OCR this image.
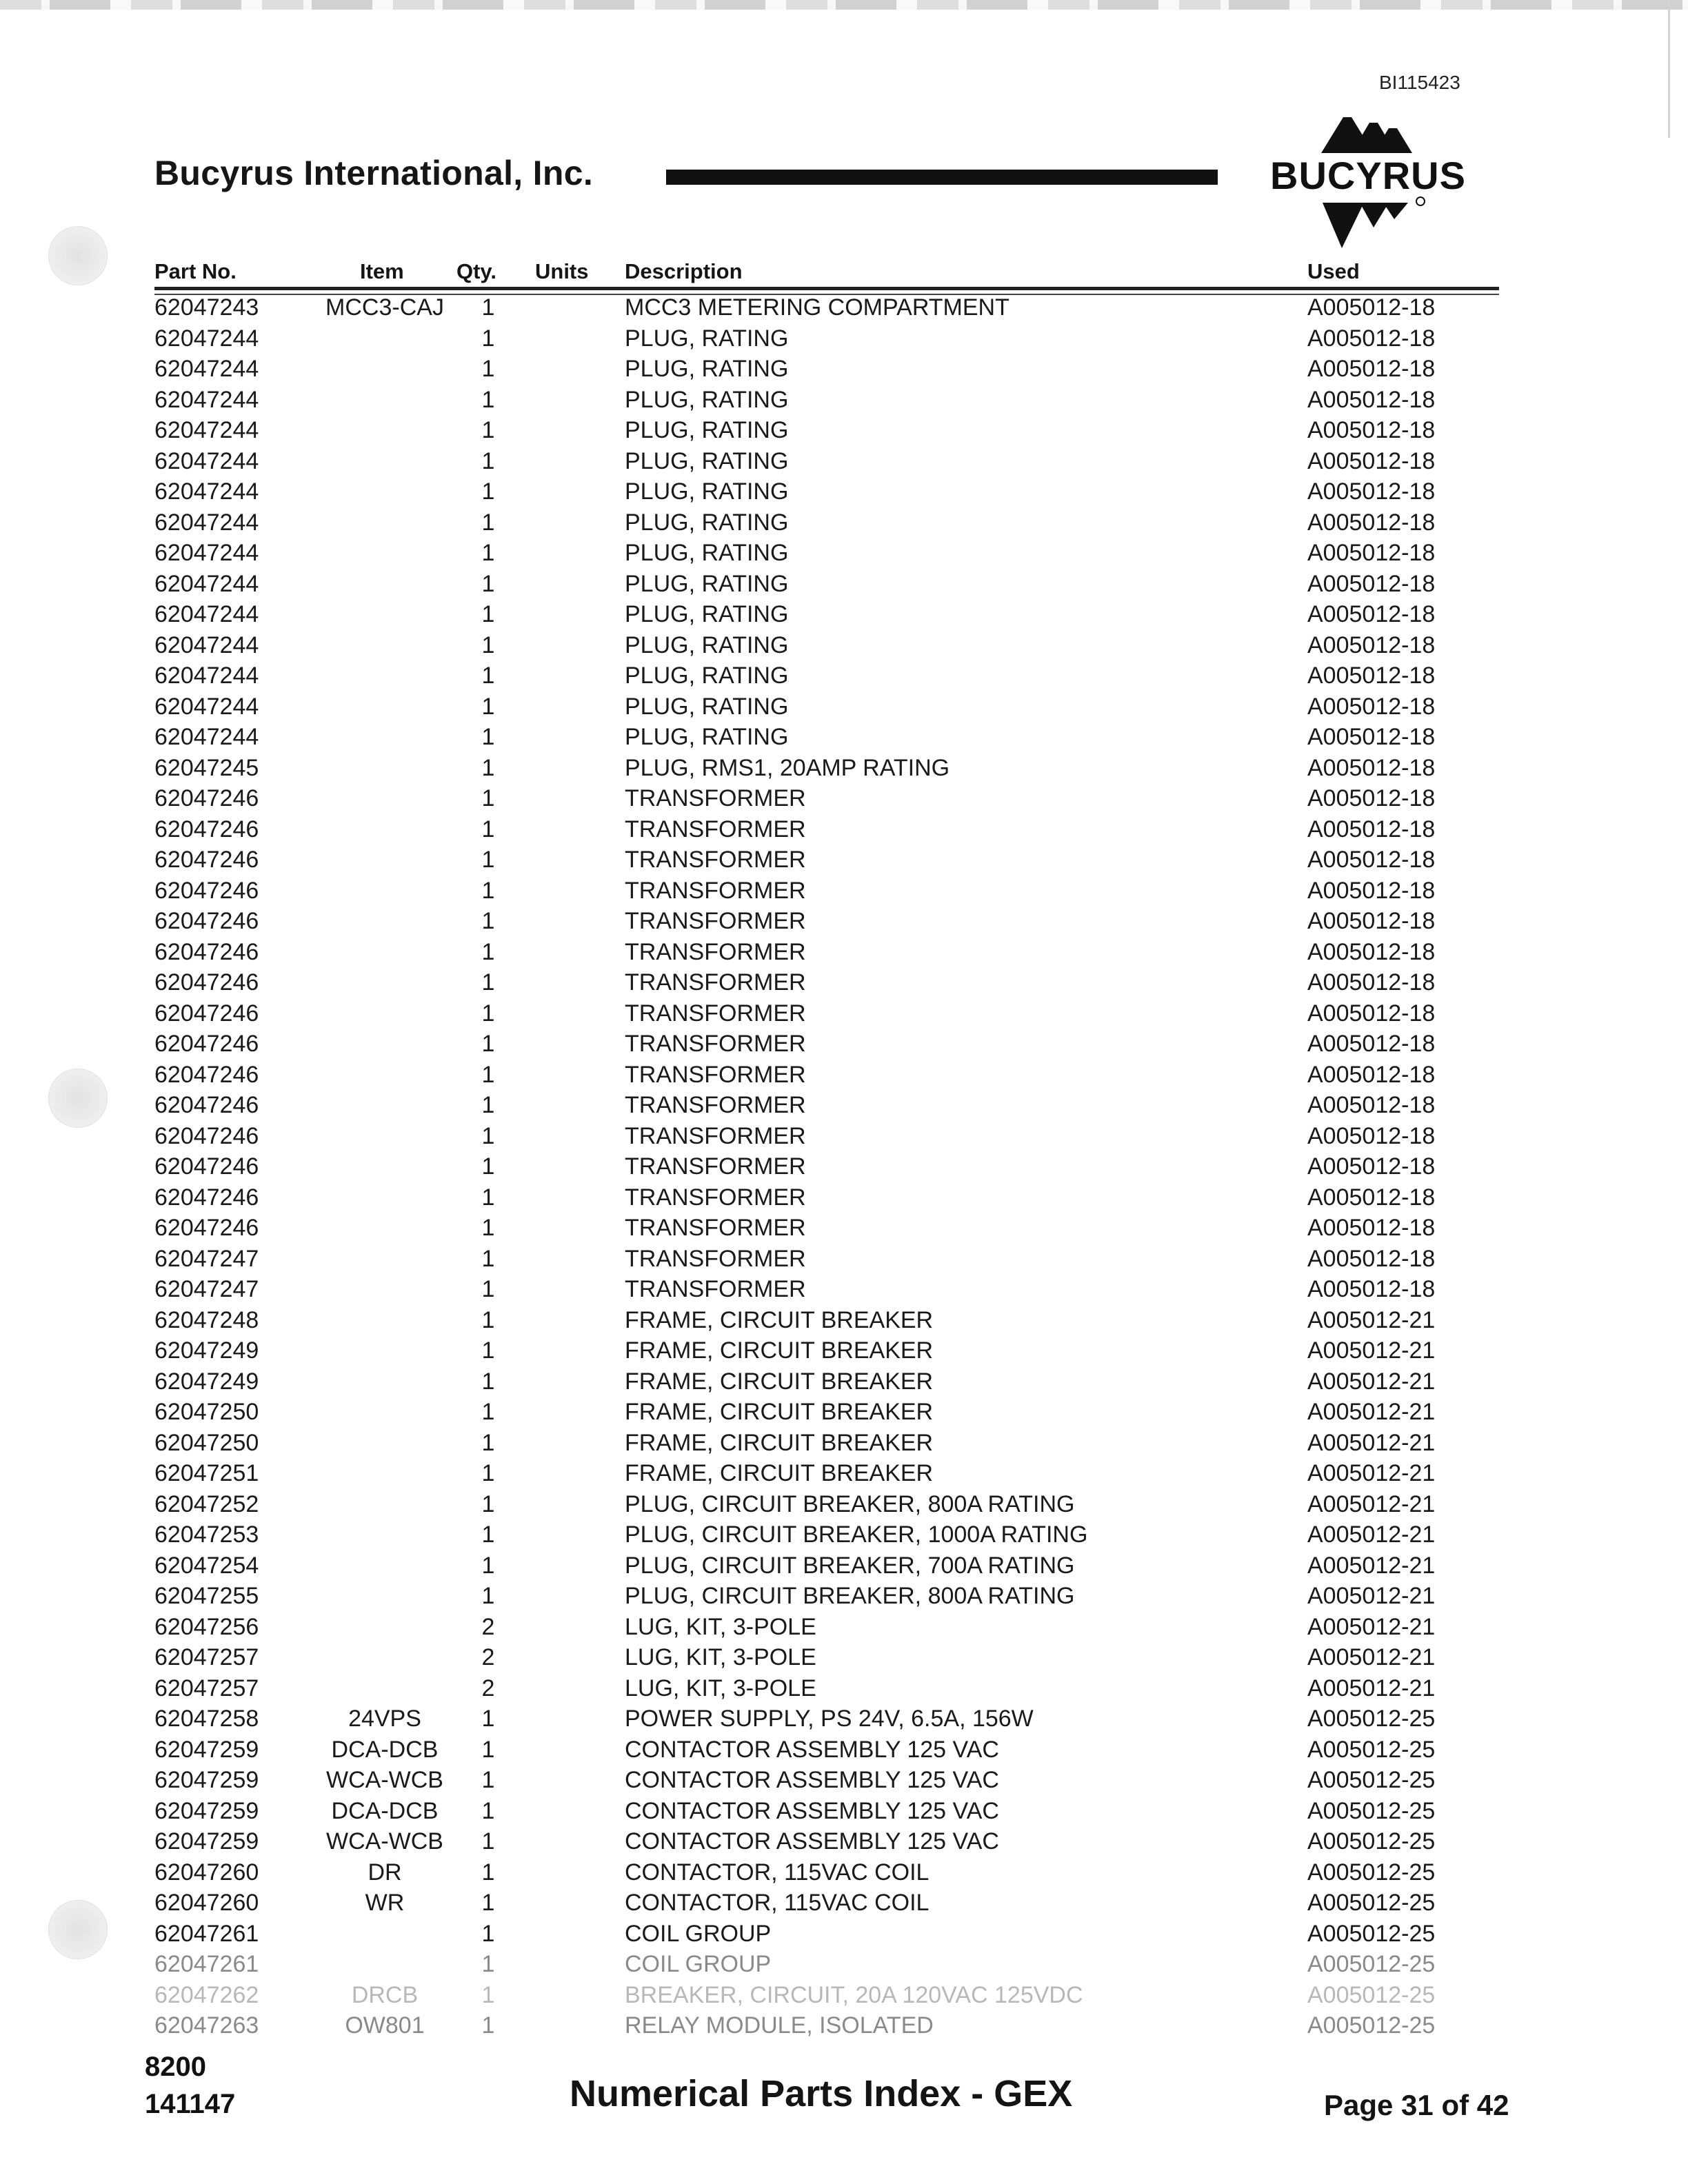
BI115423
Bucyrus International, Inc.	BUCYRUS
Part No.	Item Qty. Units Description	Used
62047243	MCC3-CAJ 1	MCC3 METERING COMPARTMENT	A005012-18
62047244	1	PLUG, RATING	A005012-18
62047244	1	PLUG, RATING	A005012-18
62047244	1	PLUG, RATING	A005012-18
62047244	1	PLUG, RATING	A005012-18
62047244	1	PLUG, RATING	A005012-18
62047244	1	PLUG, RATING	A005012-18
62047244	1	PLUG, RATING	A005012-18
62047244	1	PLUG, RATING	A005012-18
62047244	1	PLUG, RATING	A005012-18
62047244	1	PLUG, RATING	A005012-18
62047244	1	PLUG, RATING	A005012-18
62047244	1	PLUG, RATING	A005012-18
62047244	1	PLUG, RATING	A005012-18
62047244	1	PLUG, RATING	A005012-18
62047245	1	PLUG, RMS1, 20AMP RATING	A005012-18
62047246	1	TRANSFORMER	A005012-18
62047246	1	TRANSFORMER	A005012-18
62047246	1	TRANSFORMER	A005012-18
62047246	1	TRANSFORMER	A005012-18
62047246	1	TRANSFORMER	A005012-18
62047246	1	TRANSFORMER	A005012-18
62047246	1	TRANSFORMER	A005012-18
62047246	1	TRANSFORMER	A005012-18
62047246	1	TRANSFORMER	A005012-18
62047246	1	TRANSFORMER	A005012-18
62047246	1	TRANSFORMER	A005012-18
62047246	1	TRANSFORMER	A005012-18
62047246	1	TRANSFORMER	A005012-18
62047246	1	TRANSFORMER	A005012-18
62047246	1	TRANSFORMER	A005012-18
62047247	1	TRANSFORMER	A005012-18
62047247	1	TRANSFORMER	A005012-18
62047248	1	FRAME, CIRCUIT BREAKER	A005012-21
62047249	1	FRAME, CIRCUIT BREAKER	A005012-21
62047249	1	FRAME, CIRCUIT BREAKER	A005012-21
62047250	1	FRAME, CIRCUIT BREAKER	A005012-21
62047250	1	FRAME, CIRCUIT BREAKER	A005012-21
62047251	1	FRAME, CIRCUIT BREAKER	A005012-21
62047252	1	PLUG, CIRCUIT BREAKER, 800A RATING	A005012-21
62047253	1	PLUG, CIRCUIT BREAKER, 1000A RATING	A005012-21
62047254	1	PLUG, CIRCUIT BREAKER, 700A RATING	A005012-21
62047255	1	PLUG, CIRCUIT BREAKER, 800A RATING	A005012-21
62047256	2	LUG, KIT, 3-POLE	A005012-21
62047257	2	LUG, KIT, 3-POLE	A005012-21
62047257	2	LUG, KIT, 3-POLE	A005012-21
62047258	24VPS	1	POWER SUPPLY, PS 24V, 6.5A, 156W	A005012-25
62047259	DCA-DCB	1	CONTACTOR ASSEMBLY 125 VAC	A005012-25
62047259	WCA-WCB 1	CONTACTOR ASSEMBLY 125 VAC	A005012-25
62047259	DCA-DCB	1	CONTACTOR ASSEMBLY 125 VAC	A005012-25
62047259	WCA-WCB 1	CONTACTOR ASSEMBLY 125 VAC	A005012-25
62047260	DR	1	CONTACTOR, 115VAC COIL	A005012-25
62047260	WR	1	CONTACTOR, 115VAC COIL	A005012-25
62047261	1	COIL GROUP	A005012-25
62047261	1	COIL GROUP	A005012-25
62047262	DRCB	1	BREAKER, CIRCUIT, 20A 120VAC 125VDC	A005012-25
62047263	OW801	1	RELAY MODULE, ISOLATED	A005012-25
8200
141147	Numerical Parts Index - GEX	Page 31 of 42
